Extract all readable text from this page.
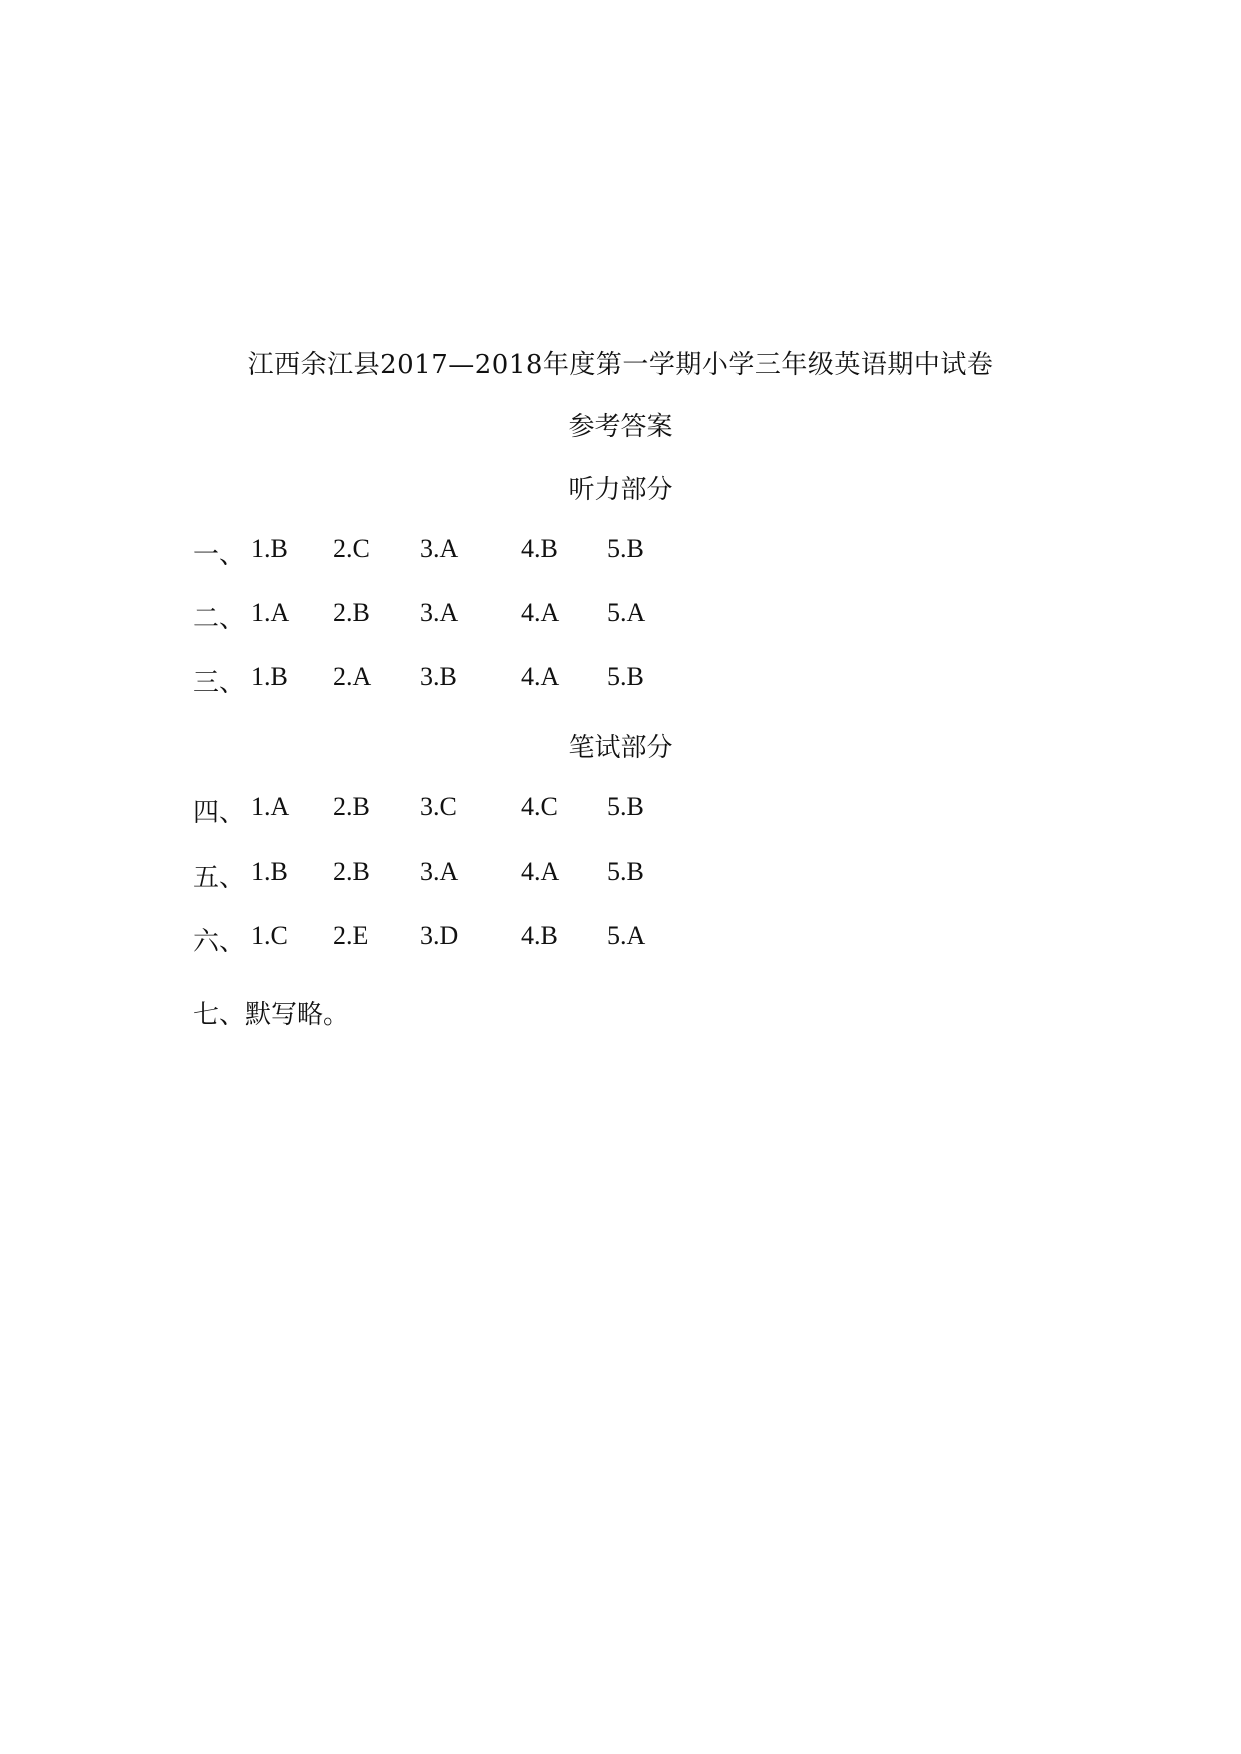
江西余江县2017—2018年度第一学期小学三年级英语期中试卷
参考答案
听力部分
一、 1.B 2.C 3.A 4.B 5.B
二、 1.A 2.B 3.A 4.A 5.A
三、 1.B 2.A 3.B 4.A 5.B
笔试部分
四、 1.A 2.B 3.C 4.C 5.B
五、 1.B 2.B 3.A 4.A 5.B
六、 1.C 2.E 3.D 4.B 5.A
七、默写略。
